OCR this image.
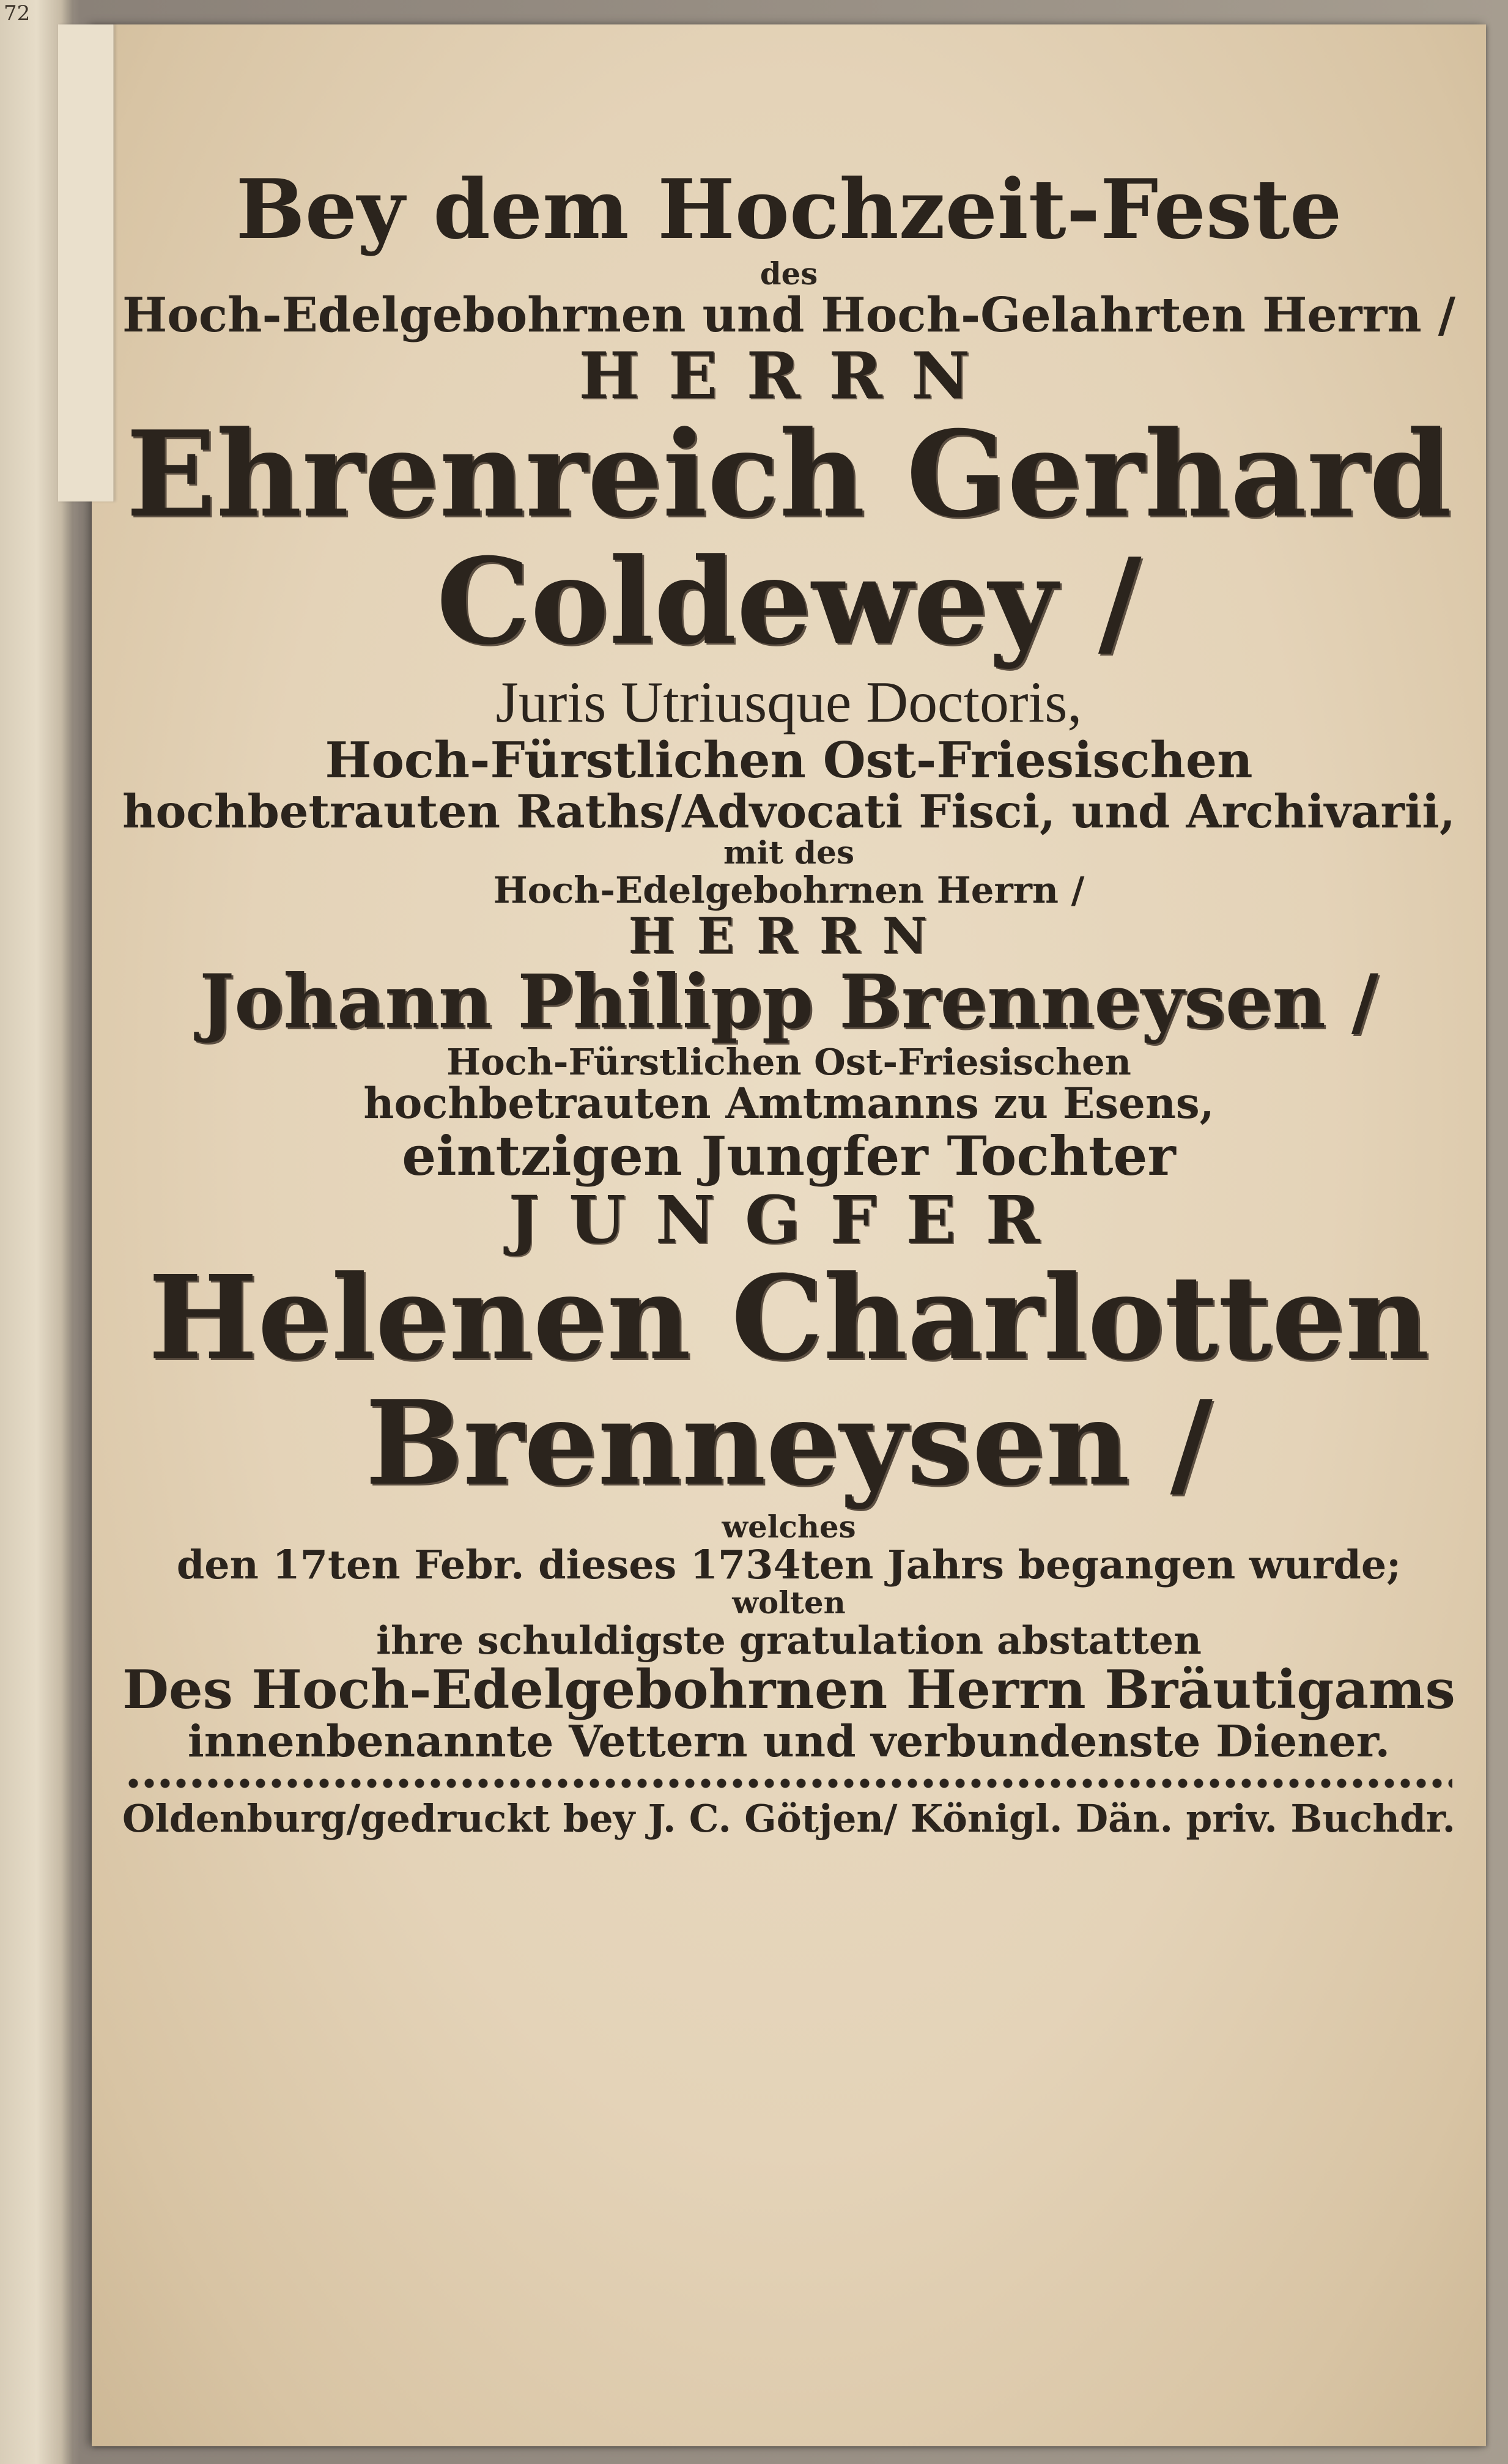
72
Bey dem Hochzeit-Feste
des
Hoch-Edelgebohrnen und Hoch-Gelahrten Herrn /
HERRN
Ehrenreich Gerhard
Coldewey /
Juris Utriusque Doctoris,
Hoch-Fürstlichen Ost-Friesischen
hochbetrauten Raths/Advocati Fisci, und Archivarii,
mit des
Hoch-Edelgebohrnen Herrn /
HERRN
Johann Philipp Brenneysen /
Hoch-Fürstlichen Ost-Friesischen
hochbetrauten Amtmanns zu Esens,
eintzigen Jungfer Tochter
JUNGFER
Helenen Charlotten
Brenneysen /
welches
den 17ten Febr. dieses 1734ten Jahrs begangen wurde;
wolten
ihre schuldigste gratulation abstatten
Des Hoch-Edelgebohrnen Herrn Bräutigams
innenbenannte Vettern und verbundenste Diener.
Oldenburg/gedruckt bey J. C. Götjen/ Königl. Dän. priv. Buchdr.
